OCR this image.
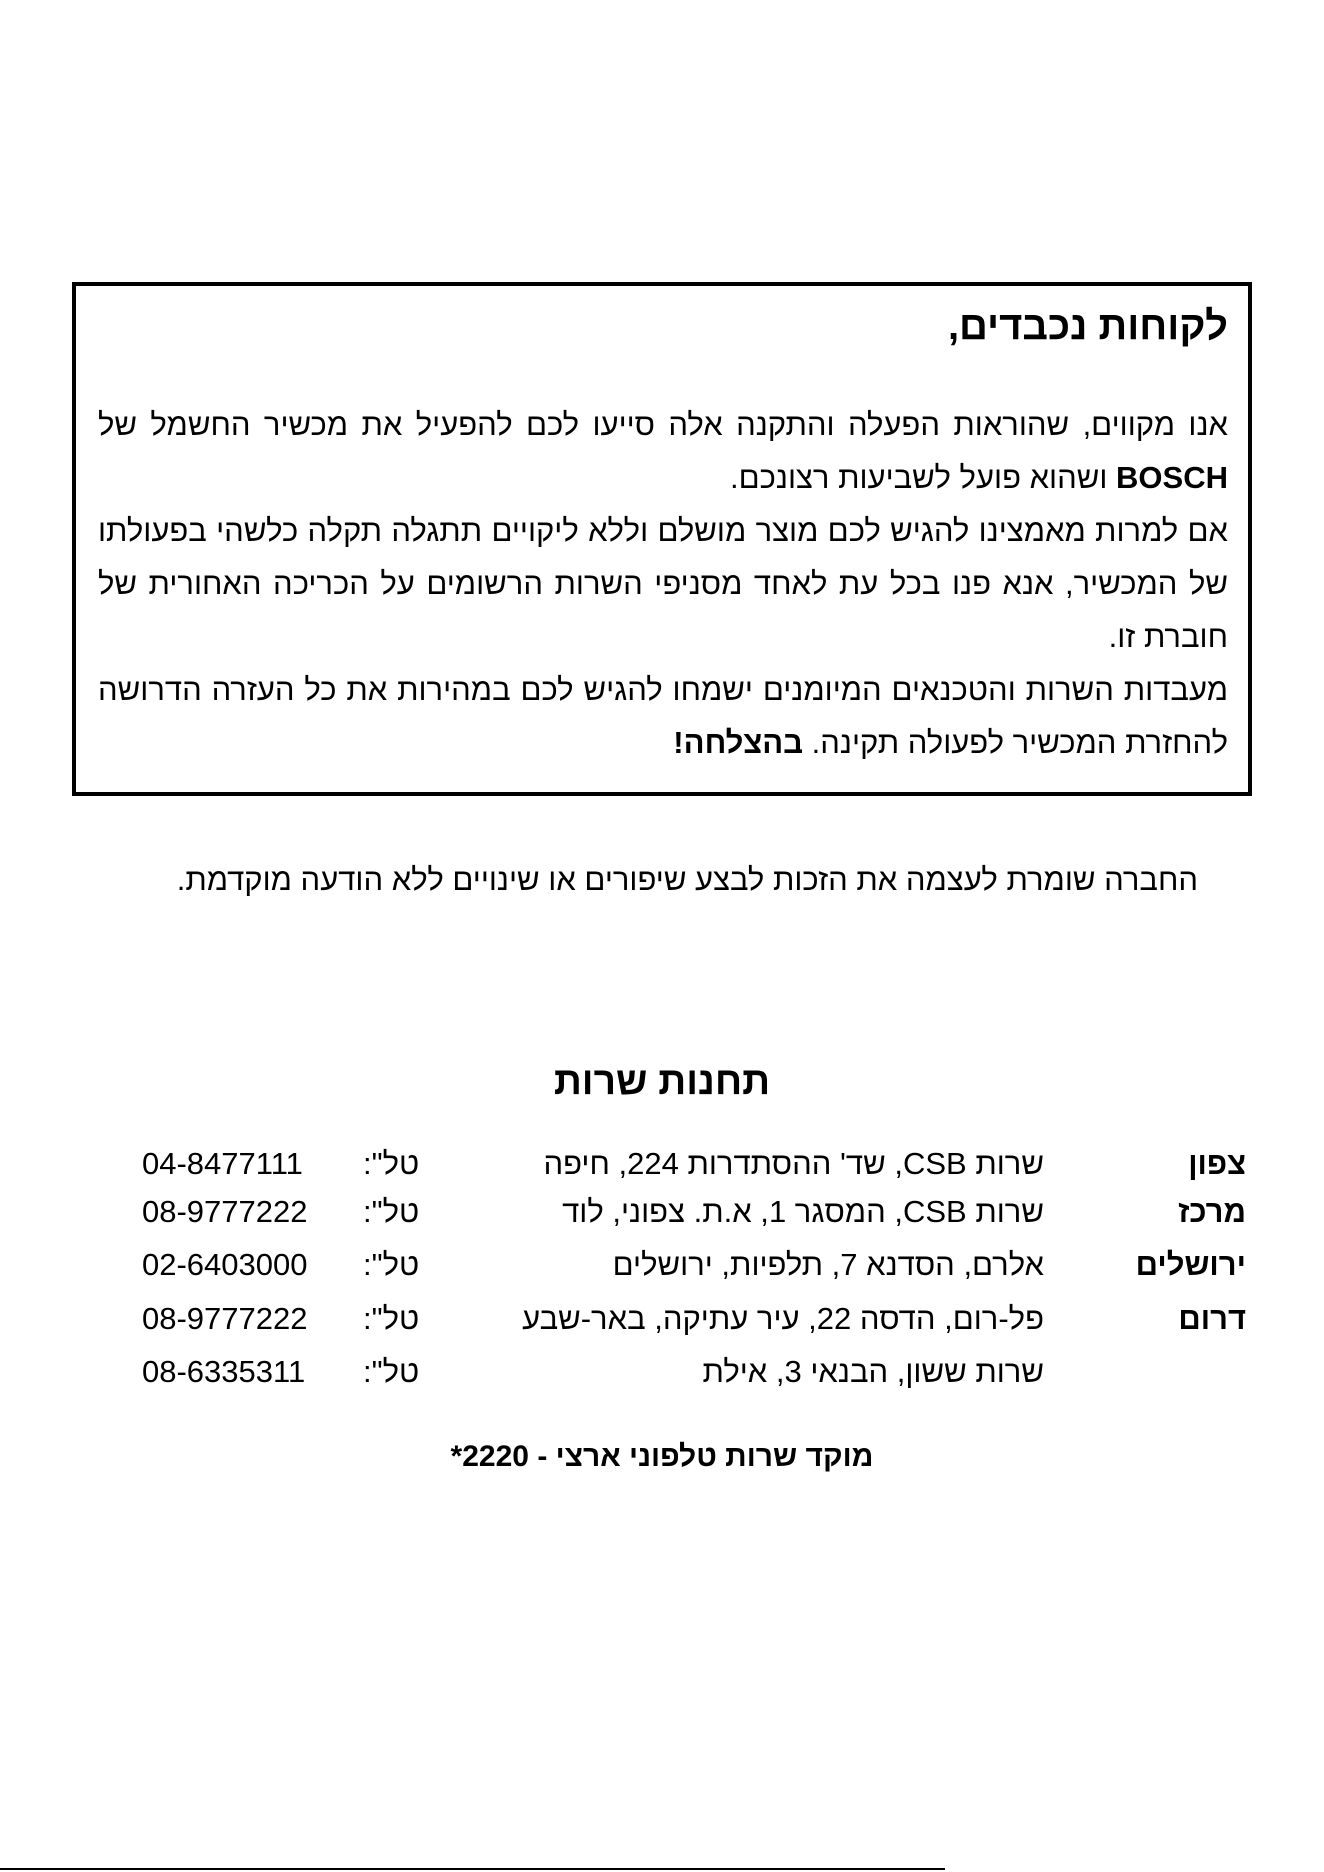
לקוחות נכבדים,

אנו מקווים, שהוראות הפעלה והתקנה אלה סייעו לכם להפעיל את מכשיר החשמל של BOSCH ושהוא פועל לשביעות רצונכם.

אם למרות מאמצינו להגיש לכם מוצר מושלם וללא ליקויים תתגלה תקלה כלשהי בפעולתו של המכשיר, אנא פנו בכל עת לאחד מסניפי השרות הרשומים על הכריכה האחורית של חוברת זו.

מעבדות השרות והטכנאים המיומנים ישמחו להגיש לכם במהירות את כל העזרה הדרושה להחזרת המכשיר לפעולה תקינה. בהצלחה!

החברה שומרת לעצמה את הזכות לבצע שיפורים או שינויים ללא הודעה מוקדמת.

תחנות שרות
צפון
שרות CSB, שד' ההסתדרות 224, חיפה
טל":
04-8477111
מרכז
שרות CSB, המסגר 1, א.ת. צפוני, לוד
טל":
08-9777222
ירושלים
אלרם, הסדנא 7, תלפיות, ירושלים
טל":
02-6403000
דרום
פל-רום, הדסה 22, עיר עתיקה, באר-שבע
טל":
08-9777222
שרות ששון, הבנאי 3, אילת
טל":
08-6335311

מוקד שרות טלפוני ארצי - 2220*
